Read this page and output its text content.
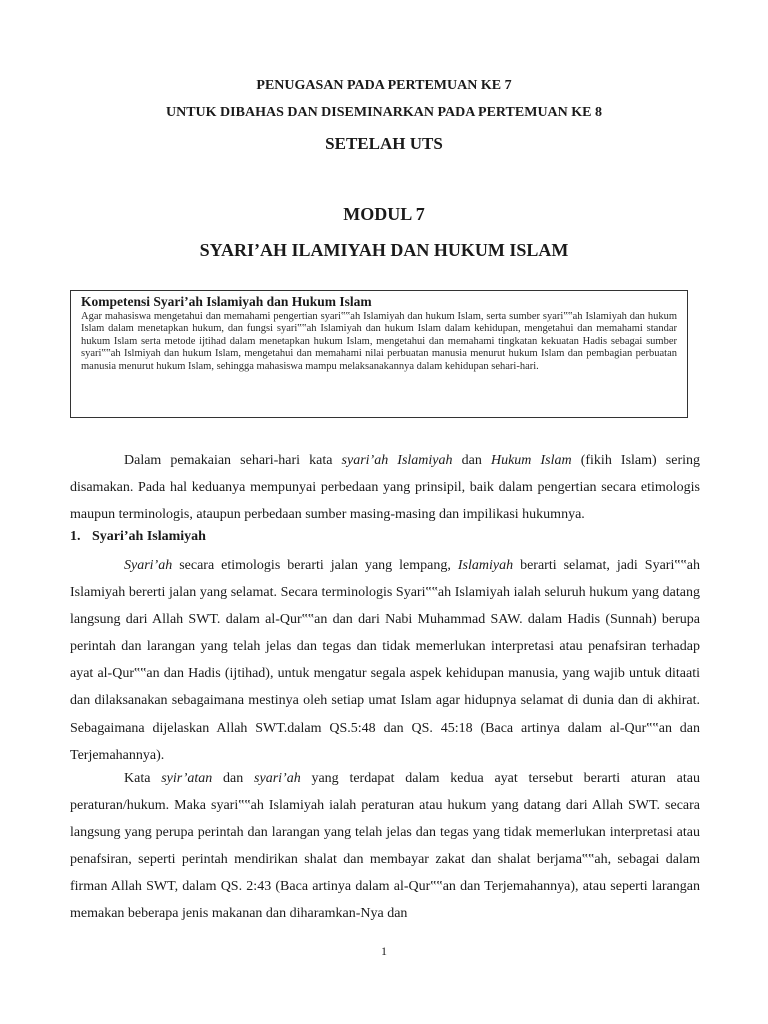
PENUGASAN PADA PERTEMUAN KE 7
UNTUK DIBAHAS DAN DISEMINARKAN PADA PERTEMUAN KE 8
SETELAH UTS
MODUL 7
SYARI’AH ILAMIYAH DAN HUKUM ISLAM
Kompetensi Syari’ah Islamiyah dan Hukum Islam
Agar mahasiswa mengetahui dan memahami pengertian syari‟‟ah Islamiyah dan hukum Islam, serta sumber syari‟‟ah Islamiyah dan hukum Islam dalam menetapkan hukum, dan fungsi syari‟‟ah Islamiyah dan hukum Islam dalam kehidupan, mengetahui dan memahami standar hukum Islam serta metode ijtihad dalam menetapkan hukum Islam, mengetahui dan memahami tingkatan kekuatan Hadis sebagai sumber syari‟‟ah Islmiyah dan hukum Islam, mengetahui dan memahami nilai perbuatan manusia menurut hukum Islam dan pembagian perbuatan manusia menurut hukum Islam, sehingga mahasiswa mampu melaksanakannya dalam kehidupan sehari-hari.

Dalam pemakaian sehari-hari kata syari’ah Islamiyah dan Hukum Islam (fikih Islam) sering disamakan. Pada hal keduanya mempunyai perbedaan yang prinsipil, baik dalam pengertian secara etimologis maupun terminologis, ataupun perbedaan sumber masing-masing dan impilikasi hukumnya.

1. Syari’ah Islamiyah

Syari’ah secara etimologis berarti jalan yang lempang, Islamiyah berarti selamat, jadi Syari‟‟ah Islamiyah bererti jalan yang selamat. Secara terminologis Syari‟‟ah Islamiyah ialah seluruh hukum yang datang langsung dari Allah SWT. dalam al-Qur‟‟an dan dari Nabi Muhammad SAW. dalam Hadis (Sunnah) berupa perintah dan larangan yang telah jelas dan tegas dan tidak memerlukan interpretasi atau penafsiran terhadap ayat al-Qur‟‟an dan Hadis (ijtihad), untuk mengatur segala aspek kehidupan manusia, yang wajib untuk ditaati dan dilaksanakan sebagaimana mestinya oleh setiap umat Islam agar hidupnya selamat di dunia dan di akhirat. Sebagaimana dijelaskan Allah SWT.dalam QS.5:48 dan QS. 45:18 (Baca artinya dalam al-Qur‟‟an dan Terjemahannya).

Kata syir’atan dan syari’ah yang terdapat dalam kedua ayat tersebut berarti aturan atau peraturan/hukum. Maka syari‟‟ah Islamiyah ialah peraturan atau hukum yang datang dari Allah SWT. secara langsung yang perupa perintah dan larangan yang telah jelas dan tegas yang tidak memerlukan interpretasi atau penafsiran, seperti perintah mendirikan shalat dan membayar zakat dan shalat berjama‟‟ah, sebagai dalam firman Allah SWT, dalam QS. 2:43 (Baca artinya dalam al-Qur‟‟an dan Terjemahannya), atau seperti larangan memakan beberapa jenis makanan dan diharamkan-Nya dan

1
